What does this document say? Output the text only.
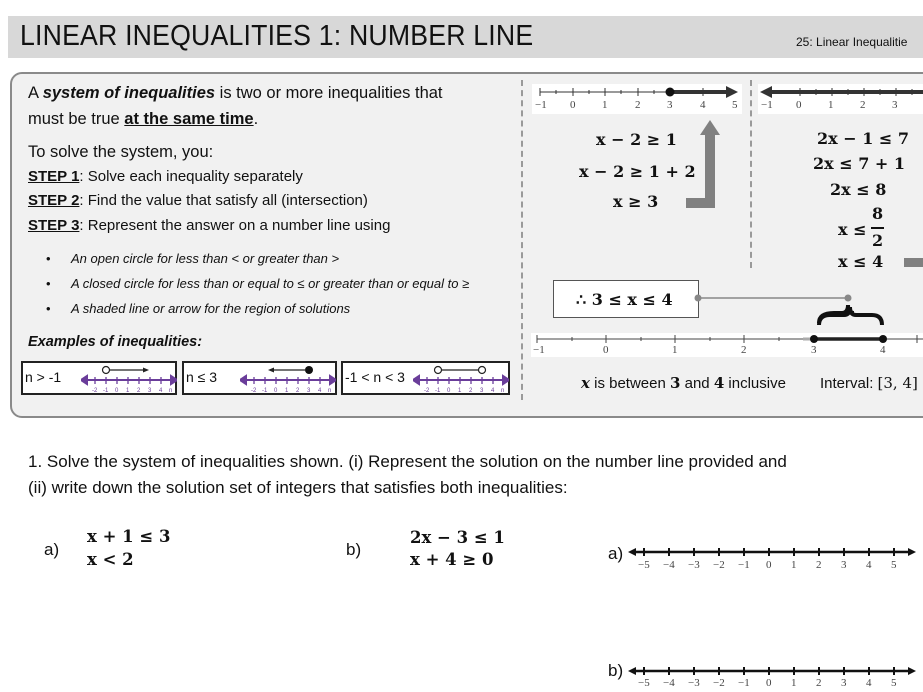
LINEAR INEQUALITIES 1: NUMBER LINE	25: Linear Inequalitie
A system of inequalities is two or more inequalities that
must be true at the same time.
To solve the system, you:
STEP 1: Solve each inequality separately
STEP 2: Find the value that satisfy all (intersection)
STEP 3: Represent the answer on a number line using
• An open circle for less than < or greater than >
• A closed circle for less than or equal to ≤ or greater than or equal to ≥
• A shaded line or arrow for the region of solutions
Examples of inequalities:
n > -1
-2 -1 0 1 2 3 4 n
n ≤ 3
-2 -1 0 1 2 3 4 n
-1 < n < 3
-2 -1 0 1 2 3 4 n
−1 0 1	2 3	4 5
x − 2 ≥ 1
x − 2 ≥ 1 + 2
x ≥ 3
−1 0 1 2 3
2x − 1 ≤ 7
2x ≤ 7 + 1
2x ≤ 8
x ≤
8
2
x ≤ 4
∴ 3 ≤ x ≤ 4
−1	0	1	2	3	4
x is between 3 and 4 inclusive Interval: [3, 4]
1. Solve the system of inequalities shown. (i) Represent the solution on the number line provided and
(ii) write down the solution set of integers that satisfies both inequalities:
a)
x + 1 ≤ 3
x < 2
b)
2x − 3 ≤ 1
x + 4 ≥ 0	a)
−5 −4 −3 −2 −1 0 1 2 3 4 5
b)
−5 −4 −3 −2 −1 0 1 2 3 4 5
